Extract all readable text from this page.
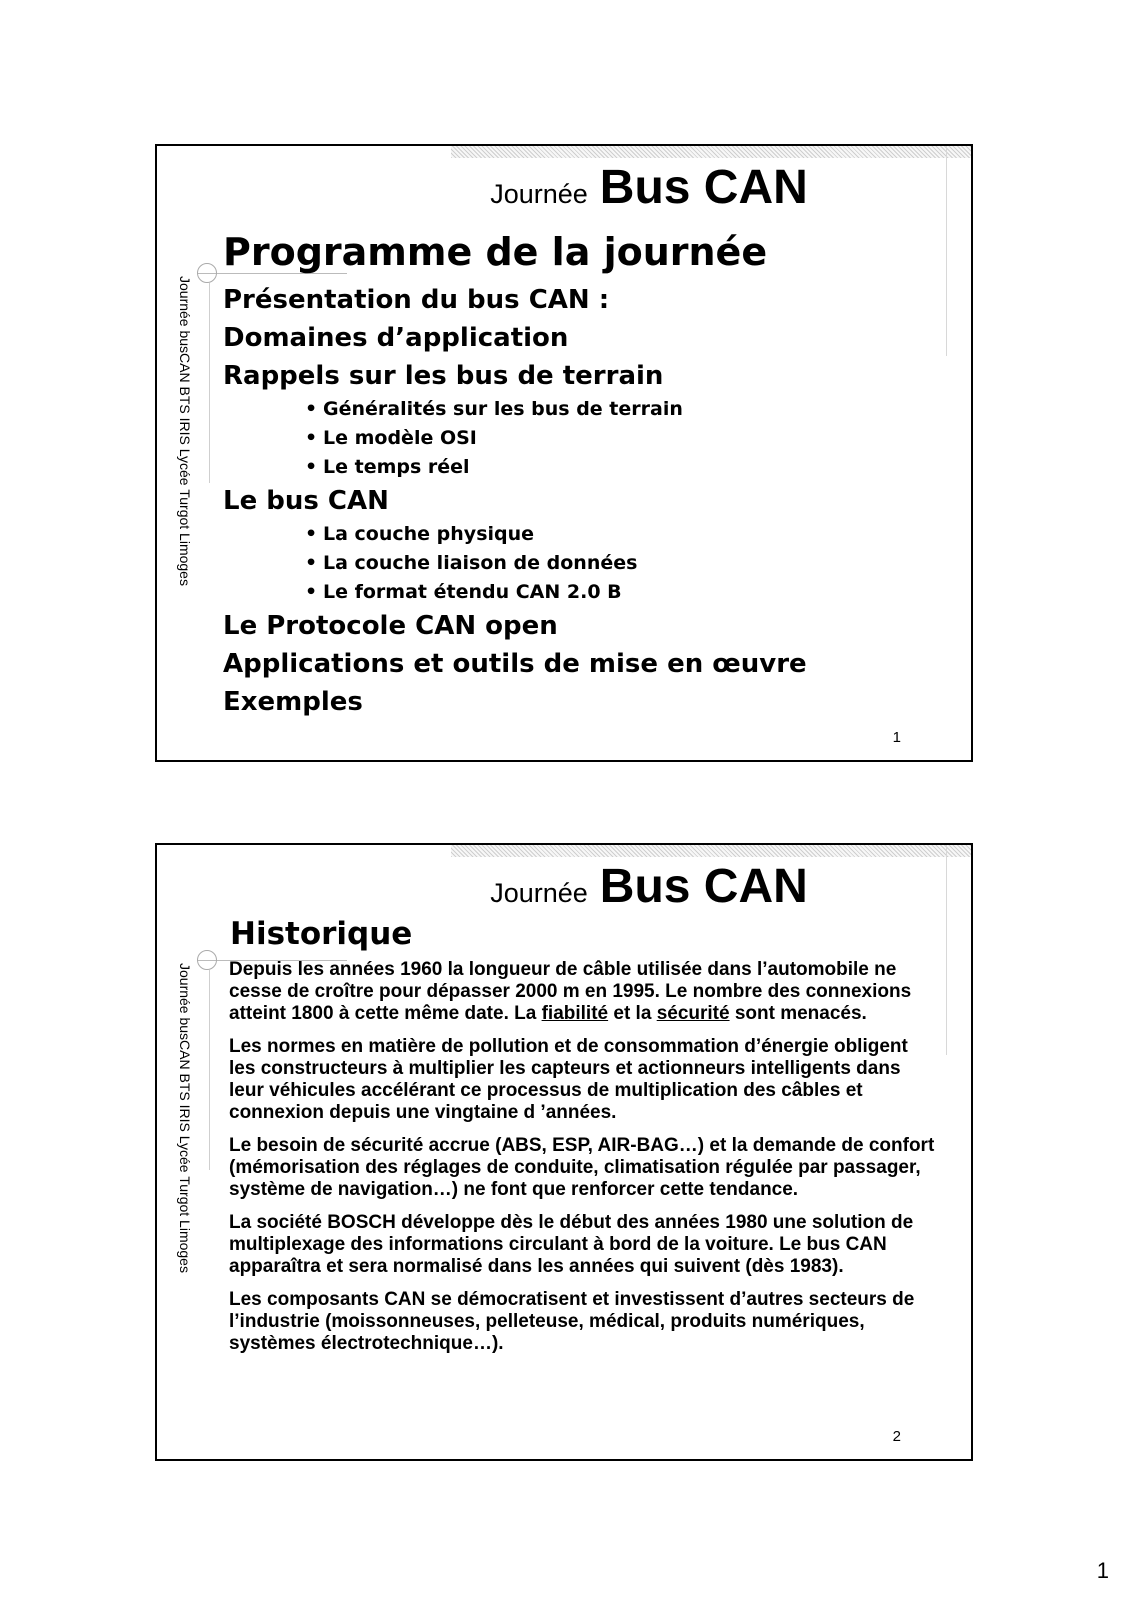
Journée busCAN BTS IRIS Lycée Turgot Limoges
Journée Bus CAN
Programme de la journée
Présentation du bus CAN :
Domaines d’application
Rappels sur les bus de terrain
• Généralités sur les bus de terrain
• Le modèle OSI
• Le temps réel
Le bus CAN
• La couche physique
• La couche liaison de données
• Le format étendu CAN 2.0 B
Le Protocole CAN open
Applications et outils de mise en œuvre
Exemples
1
Journée busCAN BTS IRIS Lycée Turgot Limoges
Journée Bus CAN
Historique

Depuis les années 1960 la longueur de câble utilisée dans l’automobile ne cesse de croître pour dépasser 2000 m en 1995. Le nombre des connexions atteint 1800 à cette même date. La fiabilité et la sécurité sont menacés.

Les normes en matière de pollution et de consommation d’énergie obligent les constructeurs à multiplier les capteurs et actionneurs intelligents dans leur véhicules accélérant ce processus de multiplication des câbles et connexion depuis une vingtaine d ’années.

Le besoin de sécurité accrue (ABS, ESP, AIR-BAG…) et la demande de confort (mémorisation des réglages de conduite, climatisation régulée par passager, système de navigation…) ne font que renforcer cette tendance.

La société BOSCH développe dès le début des années 1980 une solution de multiplexage des informations circulant à bord de la voiture. Le bus CAN apparaîtra et sera normalisé dans les années qui suivent (dès 1983).

Les composants CAN se démocratisent et investissent d’autres secteurs de l’industrie (moissonneuses, pelleteuse, médical, produits numériques, systèmes électrotechnique…).

2
1
